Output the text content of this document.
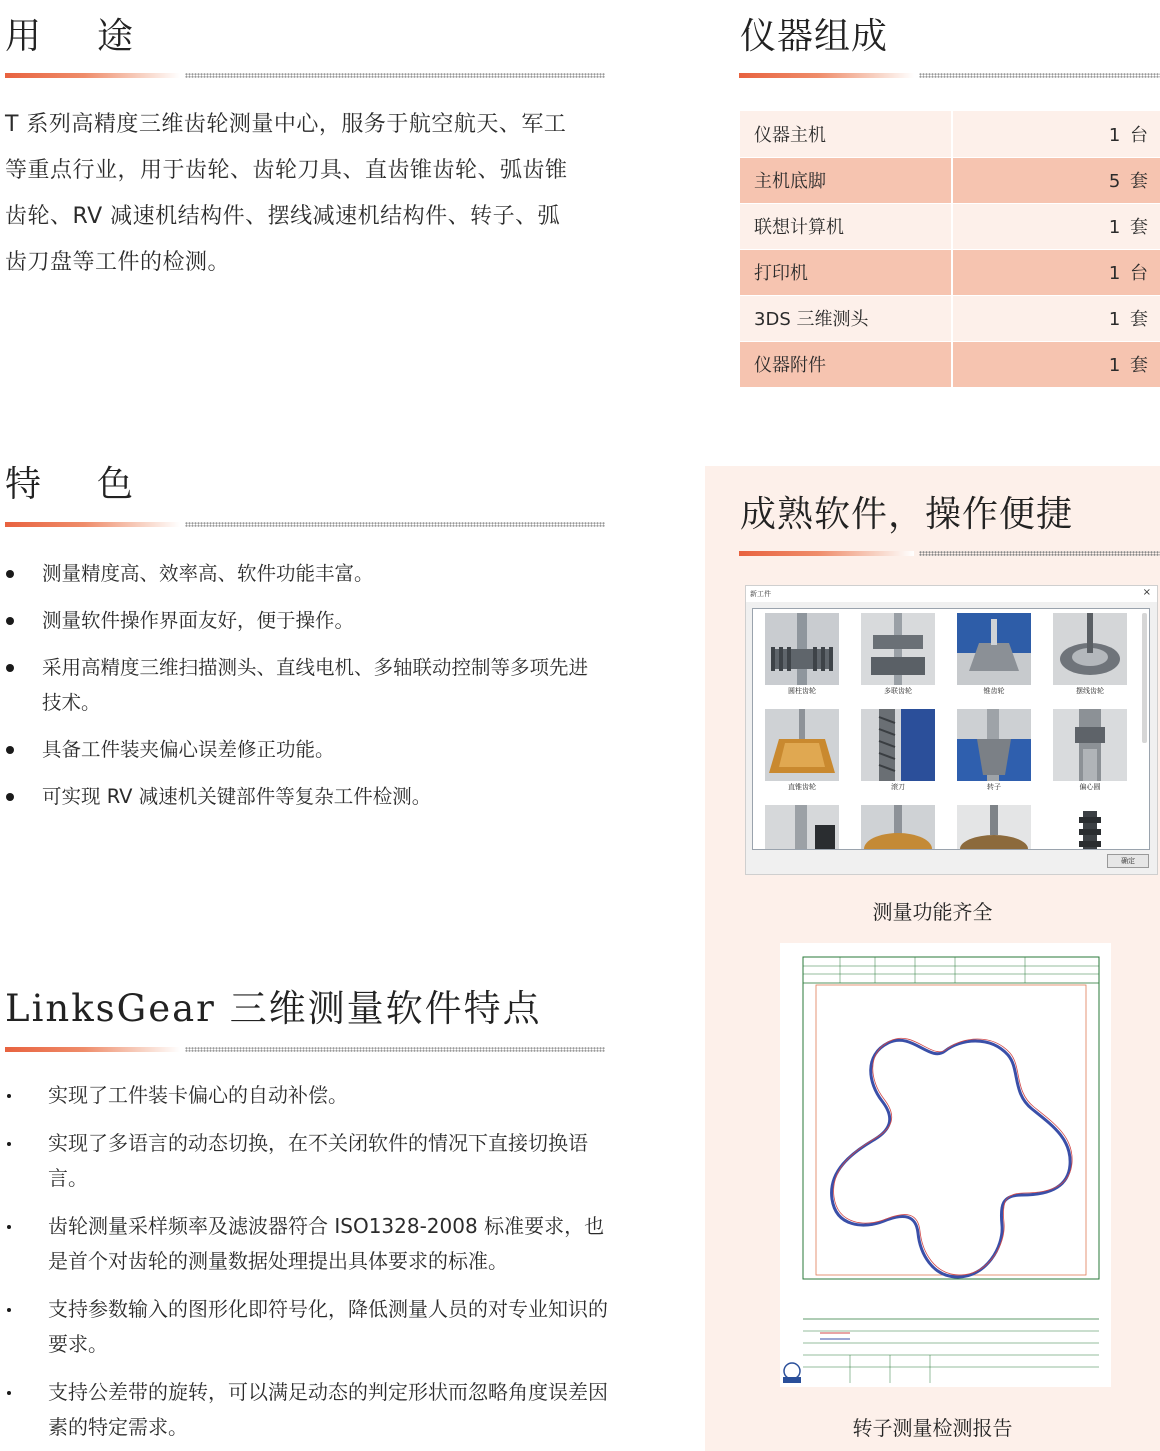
用途
T 系列高精度三维齿轮测量中心，服务于航空航天、军工
等重点行业，用于齿轮、齿轮刀具、直齿锥齿轮、弧齿锥
齿轮、RV 减速机结构件、摆线减速机结构件、转子、弧
齿刀盘等工件的检测。
仪器组成
仪器主机	1 台
主机底脚	5 套
联想计算机	1 套
打印机	1 台
3DS 三维测头	1 套
仪器附件	1 套
特色
测量精度高、效率高、软件功能丰富。
测量软件操作界面友好，便于操作。
采用高精度三维扫描测头、直线电机、多轴联动控制等多项先进技术。
具备工件装夹偏心误差修正功能。
可实现 RV 减速机关键部件等复杂工件检测。
LinksGear 三维测量软件特点
实现了工件装卡偏心的自动补偿。
实现了多语言的动态切换，在不关闭软件的情况下直接切换语言。
齿轮测量采样频率及滤波器符合 ISO1328-2008 标准要求，也是首个对齿轮的测量数据处理提出具体要求的标准。
支持参数输入的图形化即符号化，降低测量人员的对专业知识的要求。
支持公差带的旋转，可以满足动态的判定形状而忽略角度误差因素的特定需求。
成熟软件，操作便捷
新工件	×
圆柱齿轮	多联齿轮	锥齿轮	摆线齿轮
直锥齿轮	滚刀	转子	偏心圆
确定
测量功能齐全
转子测量检测报告
